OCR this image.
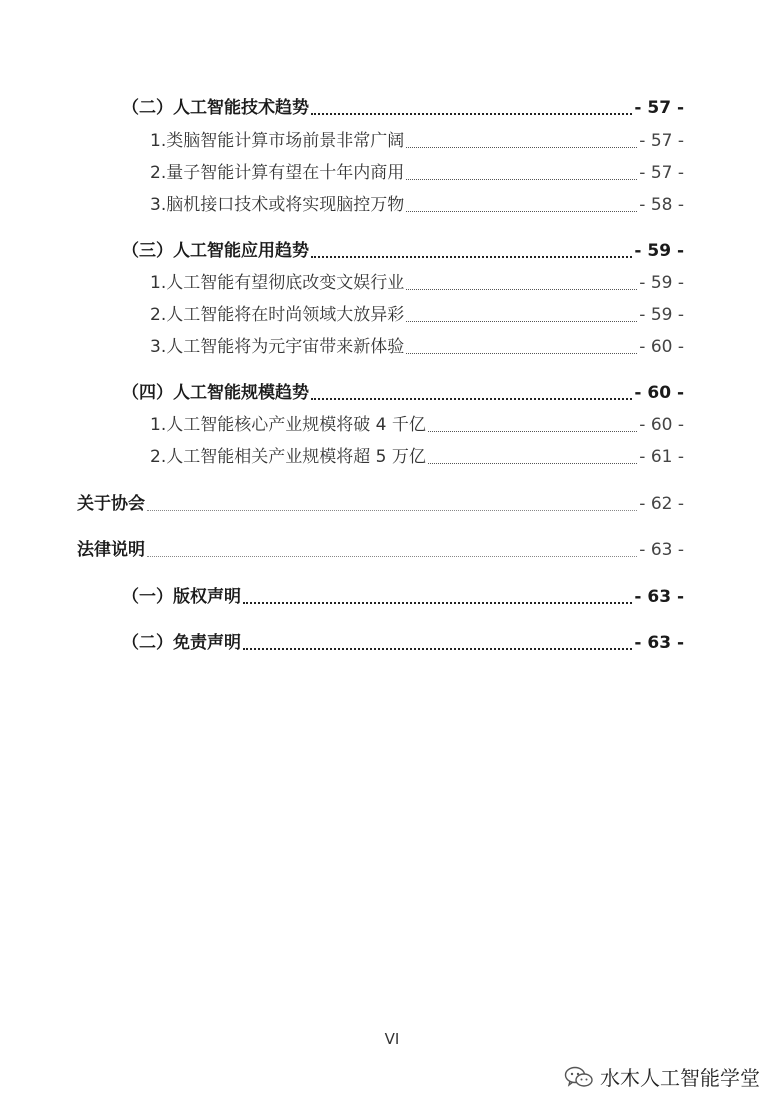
（二）人工智能技术趋势	- 57 -
1.类脑智能计算市场前景非常广阔	- 57 -
2.量子智能计算有望在十年内商用	- 57 -
3.脑机接口技术或将实现脑控万物	- 58 -
（三）人工智能应用趋势	- 59 -
1.人工智能有望彻底改变文娱行业	- 59 -
2.人工智能将在时尚领域大放异彩	- 59 -
3.人工智能将为元宇宙带来新体验	- 60 -
（四）人工智能规模趋势	- 60 -
1.人工智能核心产业规模将破 4 千亿	- 60 -
2.人工智能相关产业规模将超 5 万亿	- 61 -
关于协会	- 62 -
法律说明	- 63 -
（一）版权声明	- 63 -
（二）免责声明	- 63 -
VI
水木人工智能学堂
